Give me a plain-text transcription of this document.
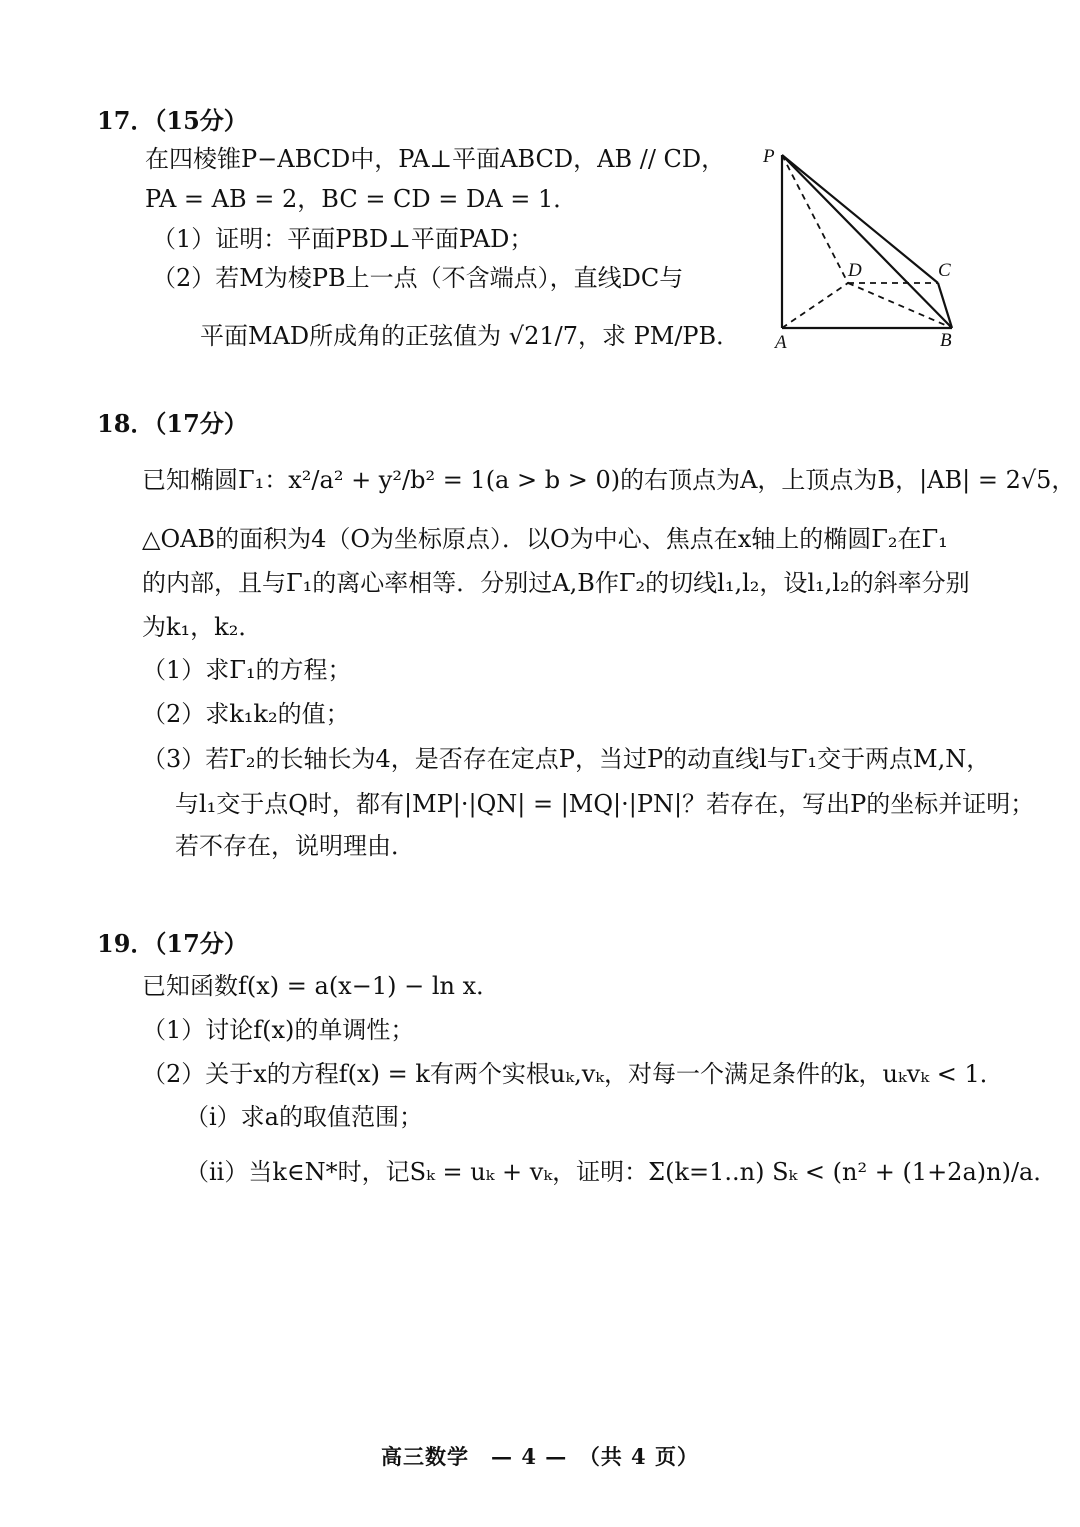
17．（15分）
在四棱锥P−ABCD中，PA⊥平面ABCD，AB // CD，
PA = AB = 2，BC = CD = DA = 1．
（1）证明：平面PBD⊥平面PAD；
（2）若M为棱PB上一点（不含端点），直线DC与
平面MAD所成角的正弦值为 √21/7，求 PM/PB．
P
D	C
A	B
18．（17分）
已知椭圆Γ₁：x²/a² + y²/b² = 1(a > b > 0)的右顶点为A，上顶点为B，|AB| = 2√5，
△OAB的面积为4（O为坐标原点）．以O为中心、焦点在x轴上的椭圆Γ₂在Γ₁
的内部，且与Γ₁的离心率相等．分别过A,B作Γ₂的切线l₁,l₂，设l₁,l₂的斜率分别
为k₁，k₂．
（1）求Γ₁的方程；
（2）求k₁k₂的值；
（3）若Γ₂的长轴长为4，是否存在定点P，当过P的动直线l与Γ₁交于两点M,N，
与l₁交于点Q时，都有|MP|·|QN| = |MQ|·|PN|？若存在，写出P的坐标并证明；
若不存在，说明理由．
19．（17分）
已知函数f(x) = a(x−1) − ln x．
（1）讨论f(x)的单调性；
（2）关于x的方程f(x) = k有两个实根uₖ,vₖ，对每一个满足条件的k，uₖvₖ < 1．
（i）求a的取值范围；
（ii）当k∈N*时，记Sₖ = uₖ + vₖ，证明：Σ(k=1..n) Sₖ < (n² + (1+2a)n)/a．
高三数学　— 4 —　（共 4 页）
